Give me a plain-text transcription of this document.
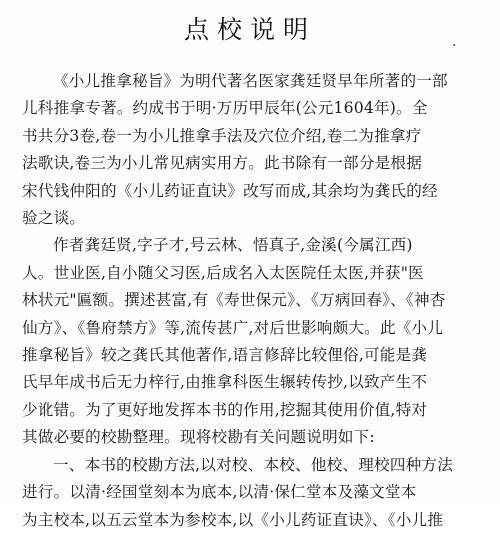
点校说明
·

《小儿推拿秘旨》为明代著名医家龚廷贤早年所著的一部
儿科推拿专著。约成书于明·万历甲辰年(公元1604年)。全
书共分3卷,卷一为小儿推拿手法及穴位介绍,卷二为推拿疗
法歌诀,卷三为小儿常见病实用方。此书除有一部分是根据
宋代钱仲阳的《小儿药证直诀》改写而成,其余均为龚氏的经
验之谈。

作者龚廷贤,字子才,号云林、悟真子,金溪(今属江西)
人。世业医,自小随父习医,后成名入太医院任太医,并获"医
林状元"匾额。撰述甚富,有《寿世保元》、《万病回春》、《神杏
仙方》、《鲁府禁方》等,流传甚广,对后世影响颇大。此《小儿
推拿秘旨》较之龚氏其他著作,语言修辞比较俚俗,可能是龚
氏早年成书后无力梓行,由推拿科医生辗转传抄,以致产生不
少讹错。为了更好地发挥本书的作用,挖掘其使用价值,特对
其做必要的校勘整理。现将校勘有关问题说明如下:

一、本书的校勘方法,以对校、本校、他校、理校四种方法
进行。以清·经国堂刻本为底本,以清·保仁堂本及藻文堂本
为主校本,以五云堂本为参校本,以《小儿药证直诀》、《小儿推
